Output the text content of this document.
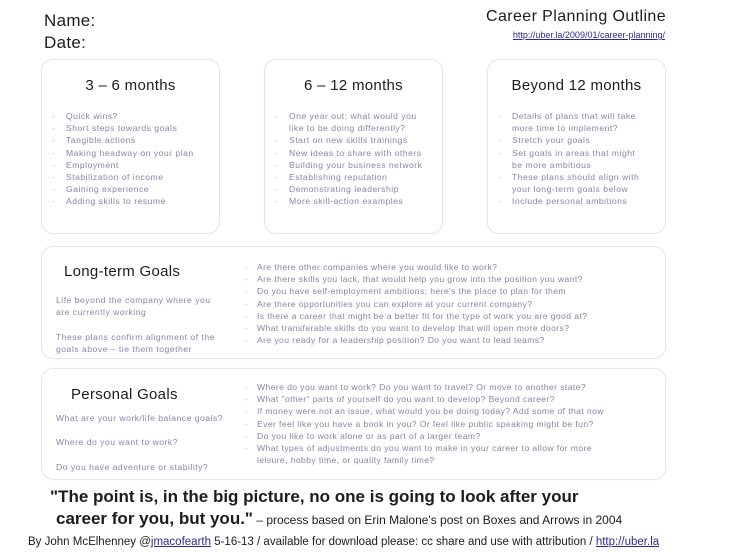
Name:
Date:
Career Planning Outline
http://uber.la/2009/01/career-planning/
3 – 6 months
- Quick wins?
- Short steps towards goals
- Tangible actions
- Making headway on your plan
- Employment
- Stabilization of income
- Gaining experience
- Adding skills to resume
6 – 12 months
- One year out: what would you
like to be doing differently?
- Start on new skills trainings
- New ideas to share with others
- Building your business network
- Establishing reputation
- Demonstrating leadership
- More skill-action examples
Beyond 12 months
- Details of plans that will take
more time to implement?
- Stretch your goals
- Set goals in areas that might
be more ambitious
- These plans should align with
your long-term goals below
- Include personal ambitions
Long-term Goals
Life beyond the company where you
are currently working
These plans confirm alignment of the
goals above – tie them together
- Are there other companies where you would like to work?
- Are there skills you lack, that would help you grow into the position you want?
- Do you have self-employment ambitions; here's the place to plan for them
- Are there opportunities you can explore at your current company?
- Is there a career that might be a better fit for the type of work you are good at?
- What transferable skills do you want to develop that will open more doors?
- Are you ready for a leadership position? Do you want to lead teams?
Personal Goals
What are your work/life balance goals?
Where do you want to work?
Do you have adventure or stability?
- Where do you want to work? Do you want to travel? Or move to another state?
- What "other" parts of yourself do you want to develop? Beyond career?
- If money were not an issue, what would you be doing today? Add some of that now
- Ever feel like you have a book in you? Or feel like public speaking might be fun?
- Do you like to work alone or as part of a larger team?
- What types of adjustments do you want to make in your career to allow for more
leisure, hobby time, or quality family time?
"The point is, in the big picture, no one is going to look after your
career for you, but you." – process based on Erin Malone's post on Boxes and Arrows in 2004
By John McElhenney @jmacofearth 5-16-13 / available for download please: cc share and use with attribution / http://uber.la
